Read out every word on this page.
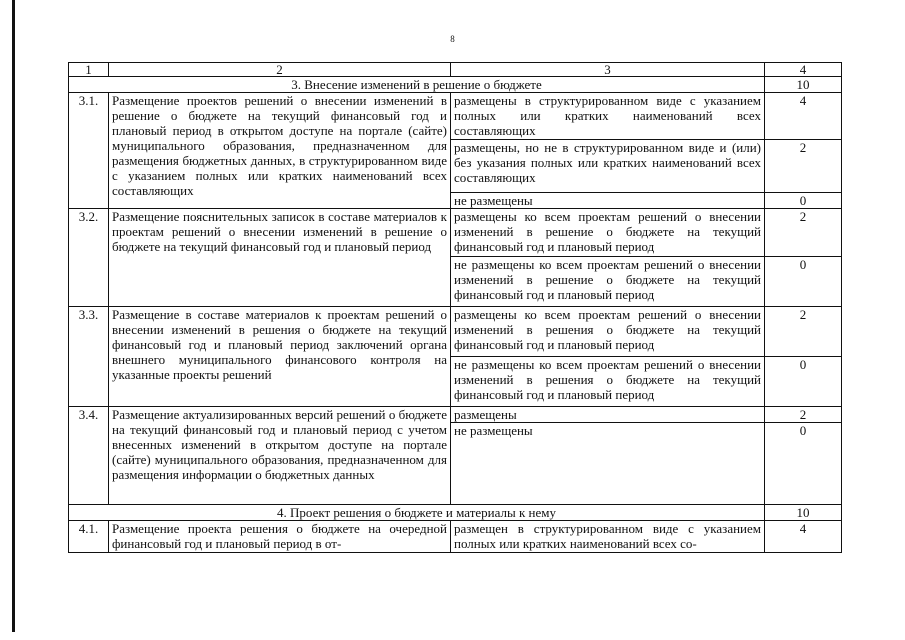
8
1	2	3	4
3. Внесение изменений в решение о бюджете			10
3.1.	Размещение проектов решений о внесении изменений в решение о бюджете на текущий финансовый год и плановый период в открытом доступе на портале (сайте) муниципального образования, предназначенном для размещения бюджетных данных, в структурированном виде с указанием полных или кратких наименований всех составляющих	размещены в структурированном виде с указанием полных или кратких наименований всех составляющих	4
		размещены, но не в структурированном виде и (или) без указания полных или кратких наименований всех составляющих	2
		не размещены	0
3.2.	Размещение пояснительных записок в составе материалов к проектам решений о внесении изменений в решение о бюджете на текущий финансовый год и плановый период	размещены ко всем проектам решений о внесении изменений в решение о бюджете на текущий финансовый год и плановый период	2
		не размещены ко всем проектам решений о внесении изменений в решение о бюджете на текущий финансовый год и плановый период	0
3.3.	Размещение в составе материалов к проектам решений о внесении изменений в решения о бюджете на текущий финансовый год и плановый период заключений органа внешнего муниципального финансового контроля на указанные проекты решений	размещены ко всем проектам решений о внесении изменений в решения о бюджете на текущий финансовый год и плановый период	2
		не размещены ко всем проектам решений о внесении изменений в решения о бюджете на текущий финансовый год и плановый период	0
3.4.	Размещение актуализированных версий решений о бюджете на текущий финансовый год и плановый период с учетом внесенных изменений в открытом доступе на портале (сайте) муниципального образования, предназначенном для размещения информации о бюджетных данных	размещены	2
		не размещены	0
4. Проект решения о бюджете и материалы к нему			10
4.1.	Размещение проекта решения о бюджете на очередной финансовый год и плановый период в от-	размещен в структурированном виде с указанием полных или кратких наименований всех со-	4
